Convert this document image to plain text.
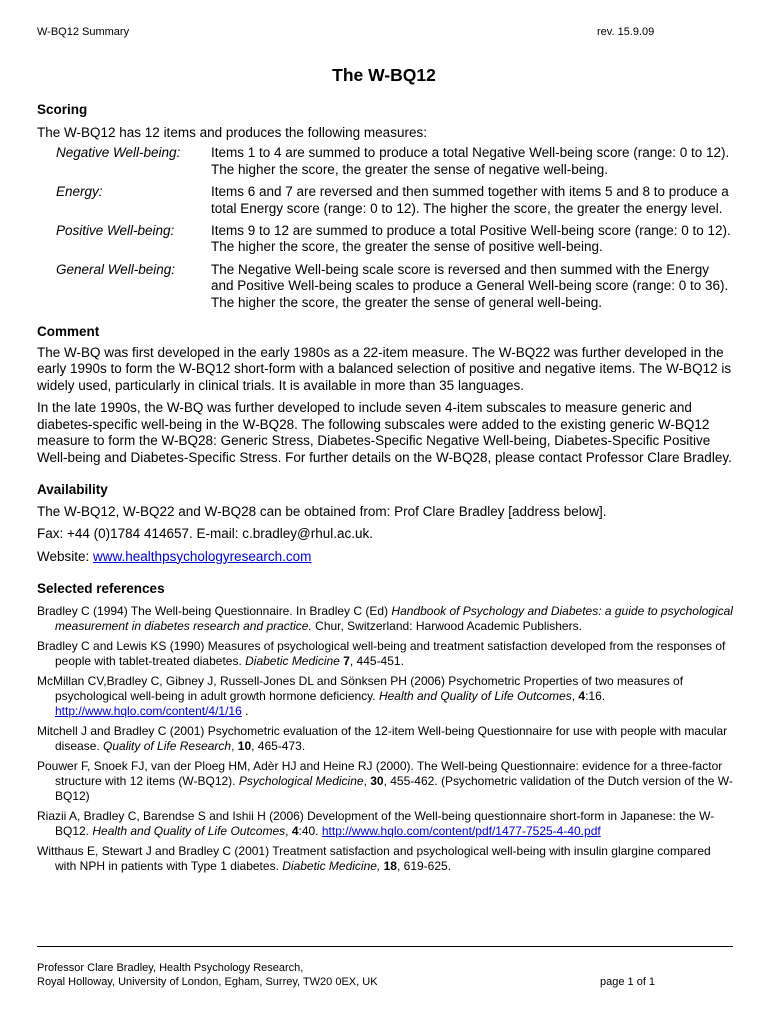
W-BQ12 Summary	rev. 15.9.09
The W-BQ12
Scoring

The W-BQ12 has 12 items and produces the following measures:

Negative Well-being:	Items 1 to 4 are summed to produce a total Negative Well-being score (range: 0 to 12). The higher the score, the greater the sense of negative well-being.
Energy:	Items 6 and 7 are reversed and then summed together with items 5 and 8 to produce a total Energy score (range: 0 to 12). The higher the score, the greater the energy level.
Positive Well-being:	Items 9 to 12 are summed to produce a total Positive Well-being score (range: 0 to 12). The higher the score, the greater the sense of positive well-being.
General Well-being:	The Negative Well-being scale score is reversed and then summed with the Energy and Positive Well-being scales to produce a General Well-being score (range: 0 to 36). The higher the score, the greater the sense of general well-being.
Comment

The W-BQ was first developed in the early 1980s as a 22-item measure. The W-BQ22 was further developed in the early 1990s to form the W-BQ12 short-form with a balanced selection of positive and negative items. The W-BQ12 is widely used, particularly in clinical trials. It is available in more than 35 languages.

In the late 1990s, the W-BQ was further developed to include seven 4-item subscales to measure generic and diabetes-specific well-being in the W-BQ28. The following subscales were added to the existing generic W-BQ12 measure to form the W-BQ28: Generic Stress, Diabetes-Specific Negative Well-being, Diabetes-Specific Positive Well-being and Diabetes-Specific Stress. For further details on the W-BQ28, please contact Professor Clare Bradley.

Availability

The W-BQ12, W-BQ22 and W-BQ28 can be obtained from: Prof Clare Bradley [address below].

Fax: +44 (0)1784 414657. E-mail: c.bradley@rhul.ac.uk.

Website: www.healthpsychologyresearch.com

Selected references

Bradley C (1994) The Well-being Questionnaire. In Bradley C (Ed) Handbook of Psychology and Diabetes: a guide to psychological measurement in diabetes research and practice. Chur, Switzerland: Harwood Academic Publishers.

Bradley C and Lewis KS (1990) Measures of psychological well-being and treatment satisfaction developed from the responses of people with tablet-treated diabetes. Diabetic Medicine 7, 445-451.

McMillan CV,Bradley C, Gibney J, Russell-Jones DL and Sönksen PH (2006) Psychometric Properties of two measures of psychological well-being in adult growth hormone deficiency. Health and Quality of Life Outcomes, 4:16. http://www.hqlo.com/content/4/1/16 .

Mitchell J and Bradley C (2001) Psychometric evaluation of the 12-item Well-being Questionnaire for use with people with macular disease. Quality of Life Research, 10, 465-473.

Pouwer F, Snoek FJ, van der Ploeg HM, Adèr HJ and Heine RJ (2000). The Well-being Questionnaire: evidence for a three-factor structure with 12 items (W-BQ12). Psychological Medicine, 30, 455-462. (Psychometric validation of the Dutch version of the W-BQ12)

Riazii A, Bradley C, Barendse S and Ishii H (2006) Development of the Well-being questionnaire short-form in Japanese: the W-BQ12. Health and Quality of Life Outcomes, 4:40. http://www.hqlo.com/content/pdf/1477-7525-4-40.pdf

Witthaus E, Stewart J and Bradley C (2001) Treatment satisfaction and psychological well-being with insulin glargine compared with NPH in patients with Type 1 diabetes. Diabetic Medicine, 18, 619-625.

Professor Clare Bradley, Health Psychology Research,
Royal Holloway, University of London, Egham, Surrey, TW20 0EX, UK	page 1 of 1
